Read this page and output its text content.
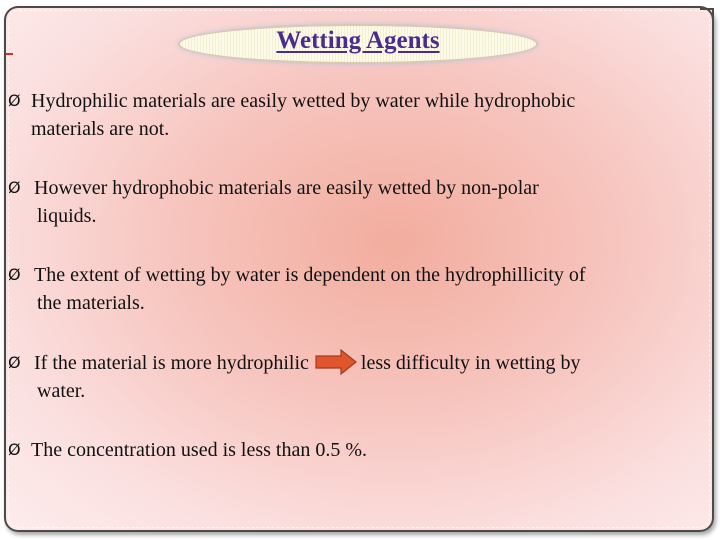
Wetting Agents
Ø Hydrophilic materials are easily wetted by water while hydrophobic
materials are not.
Ø However hydrophobic materials are easily wetted by non-polar
liquids.
Ø The extent of wetting by water is dependent on the hydrophillicity of
the materials.
Ø If the material is more hydrophilic	less difficulty in wetting by
water.
Ø The concentration used is less than 0.5 %.
